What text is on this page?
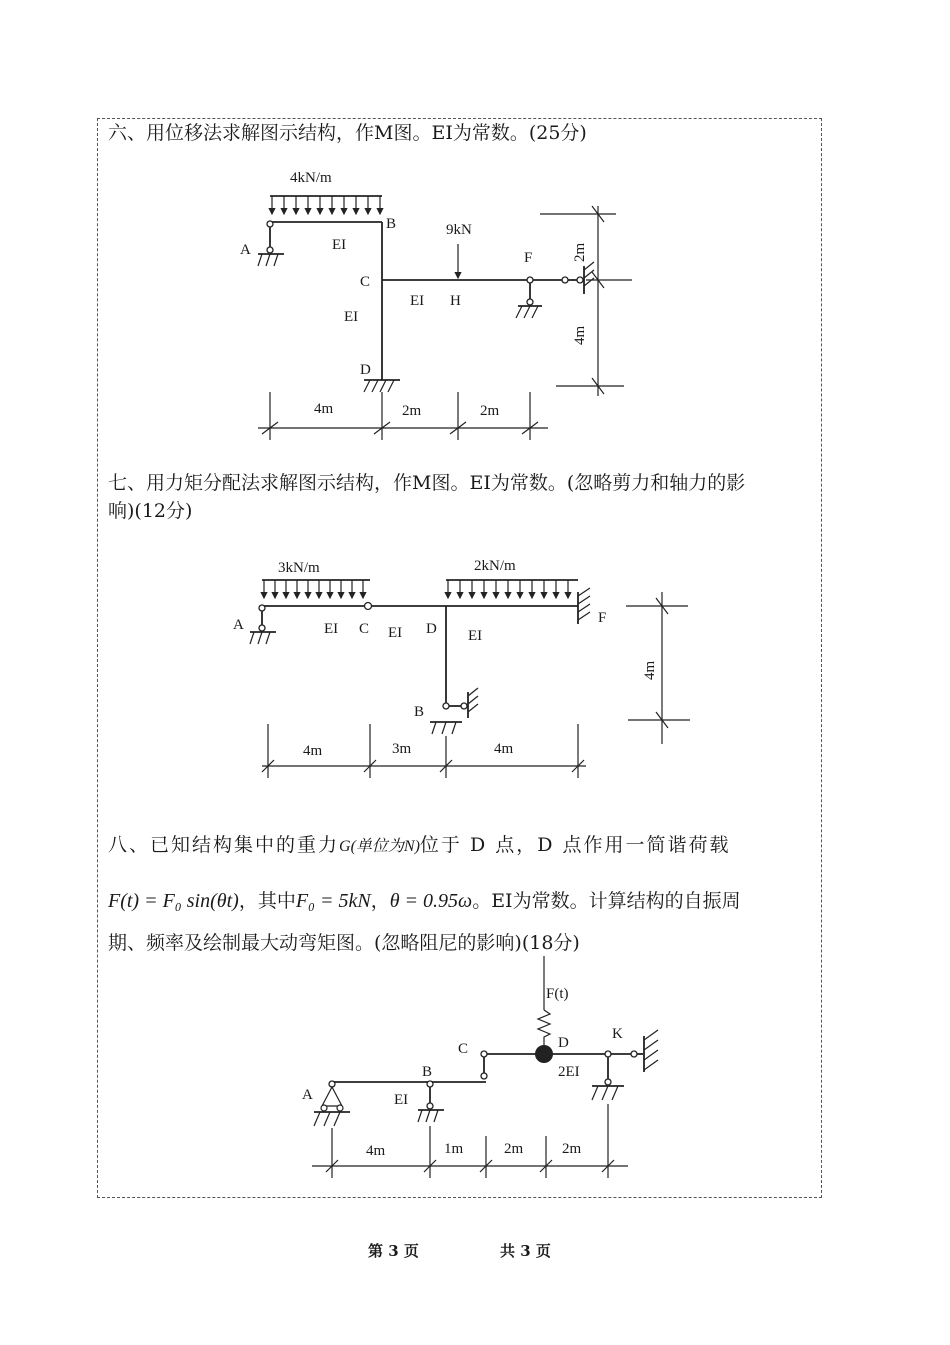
六、用位移法求解图示结构，作M图。EI为常数。(25分)
七、用力矩分配法求解图示结构，作M图。EI为常数。(忽略剪力和轴力的影
响)(12分)
八、已知结构集中的重力G(单位为N)位于 D 点，D 点作用一简谐荷载
F(t) = F₀ sin(θt)，其中F₀ = 5kN，θ = 0.95ω。EI为常数。计算结构的自振周
期、频率及绘制最大动弯矩图。(忽略阻尼的影响)(18分)
4kN/m
9kN
A
B
C
D
F
H
EI
EI
EI
4m	2m	2m
2m
4m
3kN/m	2kN/m
A	C	D
B
F
EI	EI	EI
4m	3m	4m
4m
F(t)
A
B
C	D
K
EI
2EI
4m	1m	2m	2m
第 3 页	共 3 页
